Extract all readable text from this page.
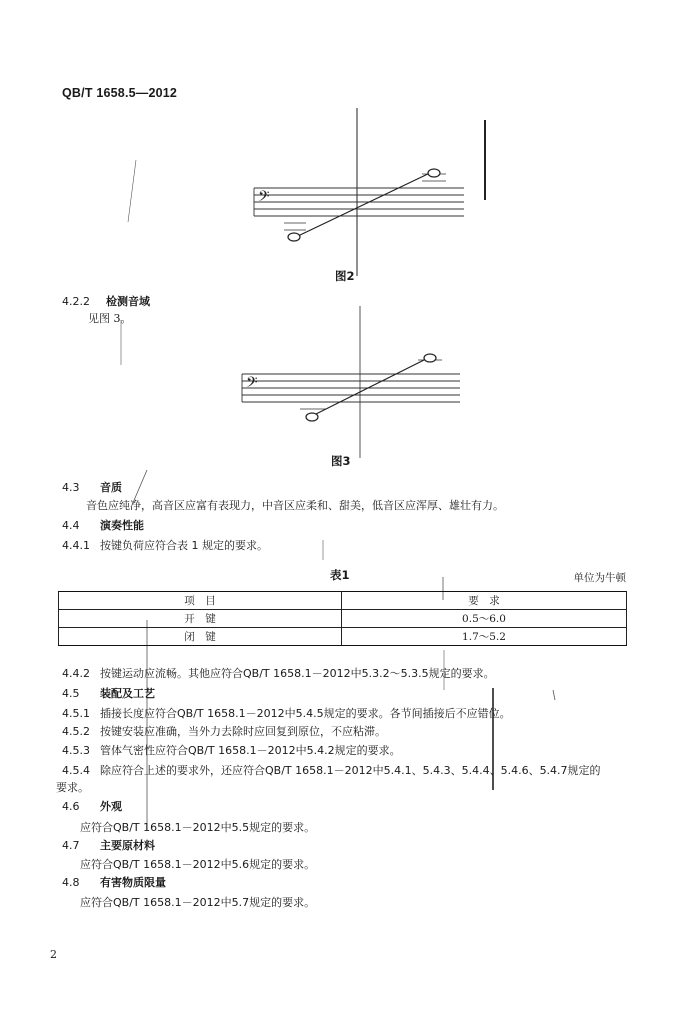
QB/T 1658.5—2012
𝄢
图2
4.2.2 检测音域
见图 3。
𝄢
图3
4.3 音质
音色应纯净，高音区应富有表现力，中音区应柔和、甜美，低音区应浑厚、雄壮有力。
4.4 演奏性能
4.4.1 按键负荷应符合表 1 规定的要求。
表1	单位为牛顿
项　目	要　求
开　键	0.5～6.0
闭　键	1.7～5.2
4.4.2 按键运动应流畅。其他应符合QB/T 1658.1－2012中5.3.2～5.3.5规定的要求。
4.5 装配及工艺
4.5.1 插接长度应符合QB/T 1658.1－2012中5.4.5规定的要求。各节间插接后不应错位。
4.5.2 按键安装应准确，当外力去除时应回复到原位，不应粘滞。
4.5.3 管体气密性应符合QB/T 1658.1－2012中5.4.2规定的要求。
4.5.4 除应符合上述的要求外，还应符合QB/T 1658.1－2012中5.4.1、5.4.3、5.4.4、5.4.6、5.4.7规定的
要求。
4.6 外观
应符合QB/T 1658.1－2012中5.5规定的要求。
4.7 主要原材料
应符合QB/T 1658.1－2012中5.6规定的要求。
4.8 有害物质限量
应符合QB/T 1658.1－2012中5.7规定的要求。
2
